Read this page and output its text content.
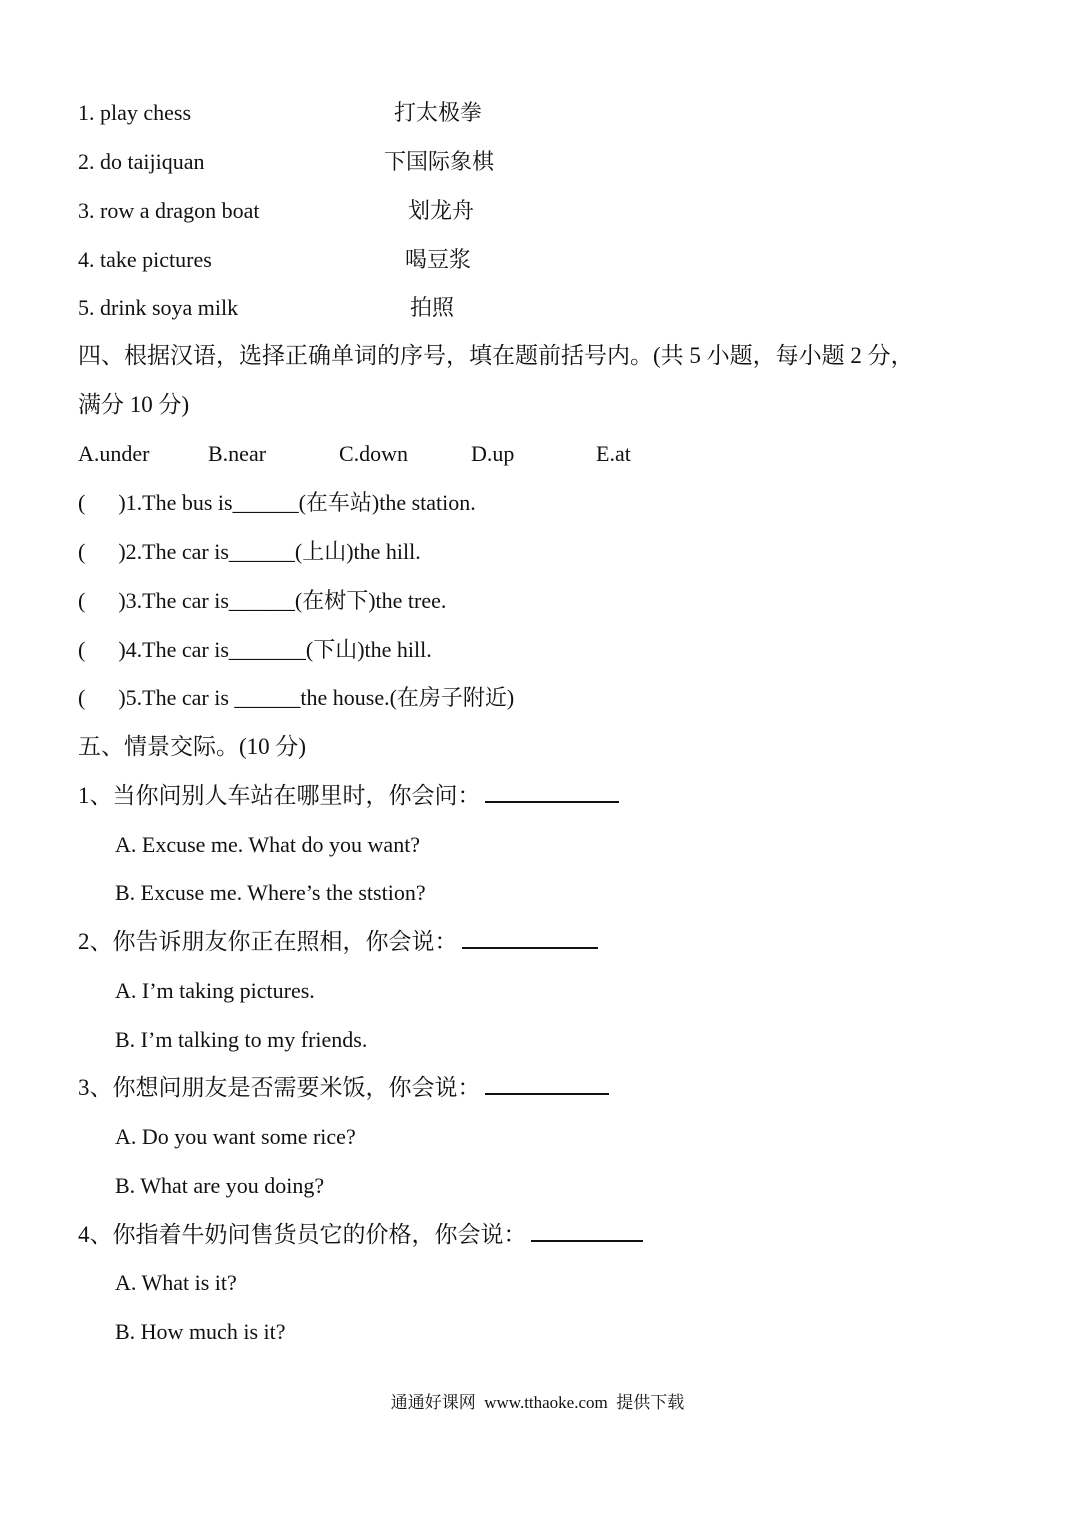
1. play chess	打太极拳
2. do taijiquan	下国际象棋
3. row a dragon boat	划龙舟
4. take pictures	喝豆浆
5. drink soya milk	拍照
四、根据汉语，选择正确单词的序号，填在题前括号内。(共 5 小题，每小题 2 分，
满分 10 分)
A.under	B.near	C.down	D.up	E.at
(      )1.The bus is______(在车站)the station.
(      )2.The car is______(上山)the hill.
(      )3.The car is______(在树下)the tree.
(      )4.The car is_______(下山)the hill.
(      )5.The car is ______the house.(在房子附近)
五、情景交际。(10 分)
1、当你问别人车站在哪里时，你会问：
A. Excuse me. What do you want?
B. Excuse me. Where’s the ststion?
2、你告诉朋友你正在照相，你会说：
A. I’m taking pictures.
B. I’m talking to my friends.
3、你想问朋友是否需要米饭，你会说：
A. Do you want some rice?
B. What are you doing?
4、你指着牛奶问售货员它的价格，你会说：
A. What is it?
B. How much is it?
通通好课网  www.tthaoke.com  提供下载
